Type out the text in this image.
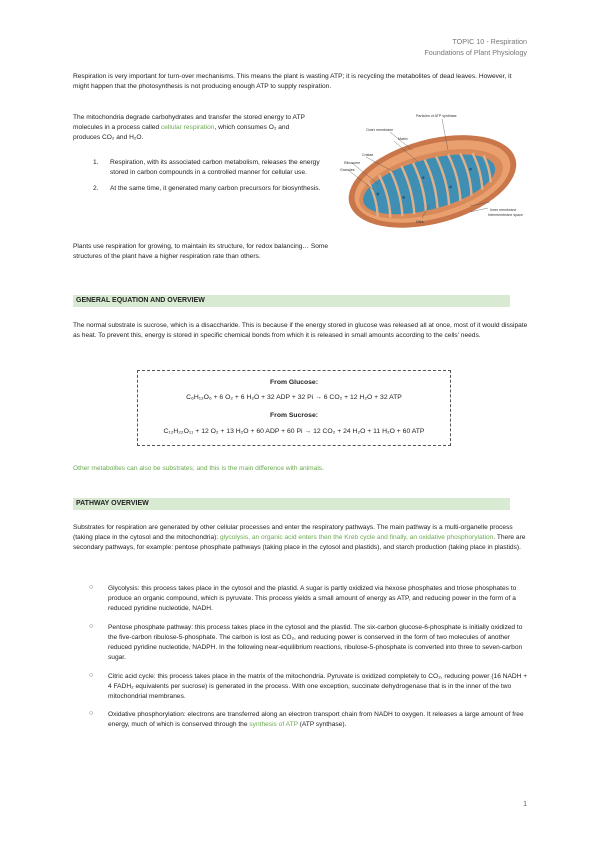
TOPIC 10 - Respiration
Foundations of Plant Physiology
Respiration is very important for turn-over mechanisms. This means the plant is wasting ATP; it is recycling the metabolites of dead leaves. However, it might happen that the photosynthesis is not producing enough ATP to supply respiration.
The mitochondria degrade carbohydrates and transfer the stored energy to ATP molecules in a process called cellular respiration, which consumes O₂ and produces CO₂ and H₂O.
1. Respiration, with its associated carbon metabolism, releases the energy stored in carbon compounds in a controlled manner for cellular use.
2. At the same time, it generated many carbon precursors for biosynthesis.
Particles of ATP synthase
Outer membrane
Matrix
Cristae
Ribosome
Granules
Inner membrane
Intermembrane space
DNA
Plants use respiration for growing, to maintain its structure, for redox balancing… Some structures of the plant have a higher respiration rate than others.
GENERAL EQUATION AND OVERVIEW
The normal substrate is sucrose, which is a disaccharide. This is because if the energy stored in glucose was released all at once, most of it would dissipate as heat. To prevent this, energy is stored in specific chemical bonds from which it is released in small amounts according to the cells' needs.
From Glucose:
C₆H₁₂O₆ + 6 O₂ + 6 H₂O + 32 ADP + 32 Pi → 6 CO₂ + 12 H₂O + 32 ATP
From Sucrose:
C₁₂H₂₂O₁₁ + 12 O₂ + 13 H₂O + 60 ADP + 60 Pi → 12 CO₂ + 24 H₂O + 11 H₂O + 60 ATP
Other metabolites can also be substrates; and this is the main difference with animals.
PATHWAY OVERVIEW
Substrates for respiration are generated by other cellular processes and enter the respiratory pathways. The main pathway is a multi-organelle process (taking place in the cytosol and the mitochondria): glycolysis, an organic acid enters then the Kreb cycle and finally, an oxidative phosphorylation. There are secondary pathways, for example: pentose phosphate pathways (taking place in the cytosol and plastids), and starch production (taking place in plastids).
○ Glycolysis: this process takes place in the cytosol and the plastid. A sugar is partly oxidized via hexose phosphates and triose phosphates to produce an organic compound, which is pyruvate. This process yields a small amount of energy as ATP, and reducing power in the form of a reduced pyridine nucleotide, NADH.
○ Pentose phosphate pathway: this process takes place in the cytosol and the plastid. The six-carbon glucose-6-phosphate is initially oxidized to the five-carbon ribulose-5-phosphate. The carbon is lost as CO₂, and reducing power is conserved in the form of two molecules of another reduced pyridine nucleotide, NADPH. In the following near-equilibrium reactions, ribulose-5-phosphate is converted into three to seven-carbon sugar.
○ Citric acid cycle: this process takes place in the matrix of the mitochondria. Pyruvate is oxidized completely to CO₂, reducing power (16 NADH + 4 FADH₂ equivalents per sucrose) is generated in the process. With one exception, succinate dehydrogenase that is in the inner of the two mitochondrial membranes.
○ Oxidative phosphorylation: electrons are transferred along an electron transport chain from NADH to oxygen. It releases a large amount of free energy, much of which is conserved through the synthesis of ATP (ATP synthase).
1
